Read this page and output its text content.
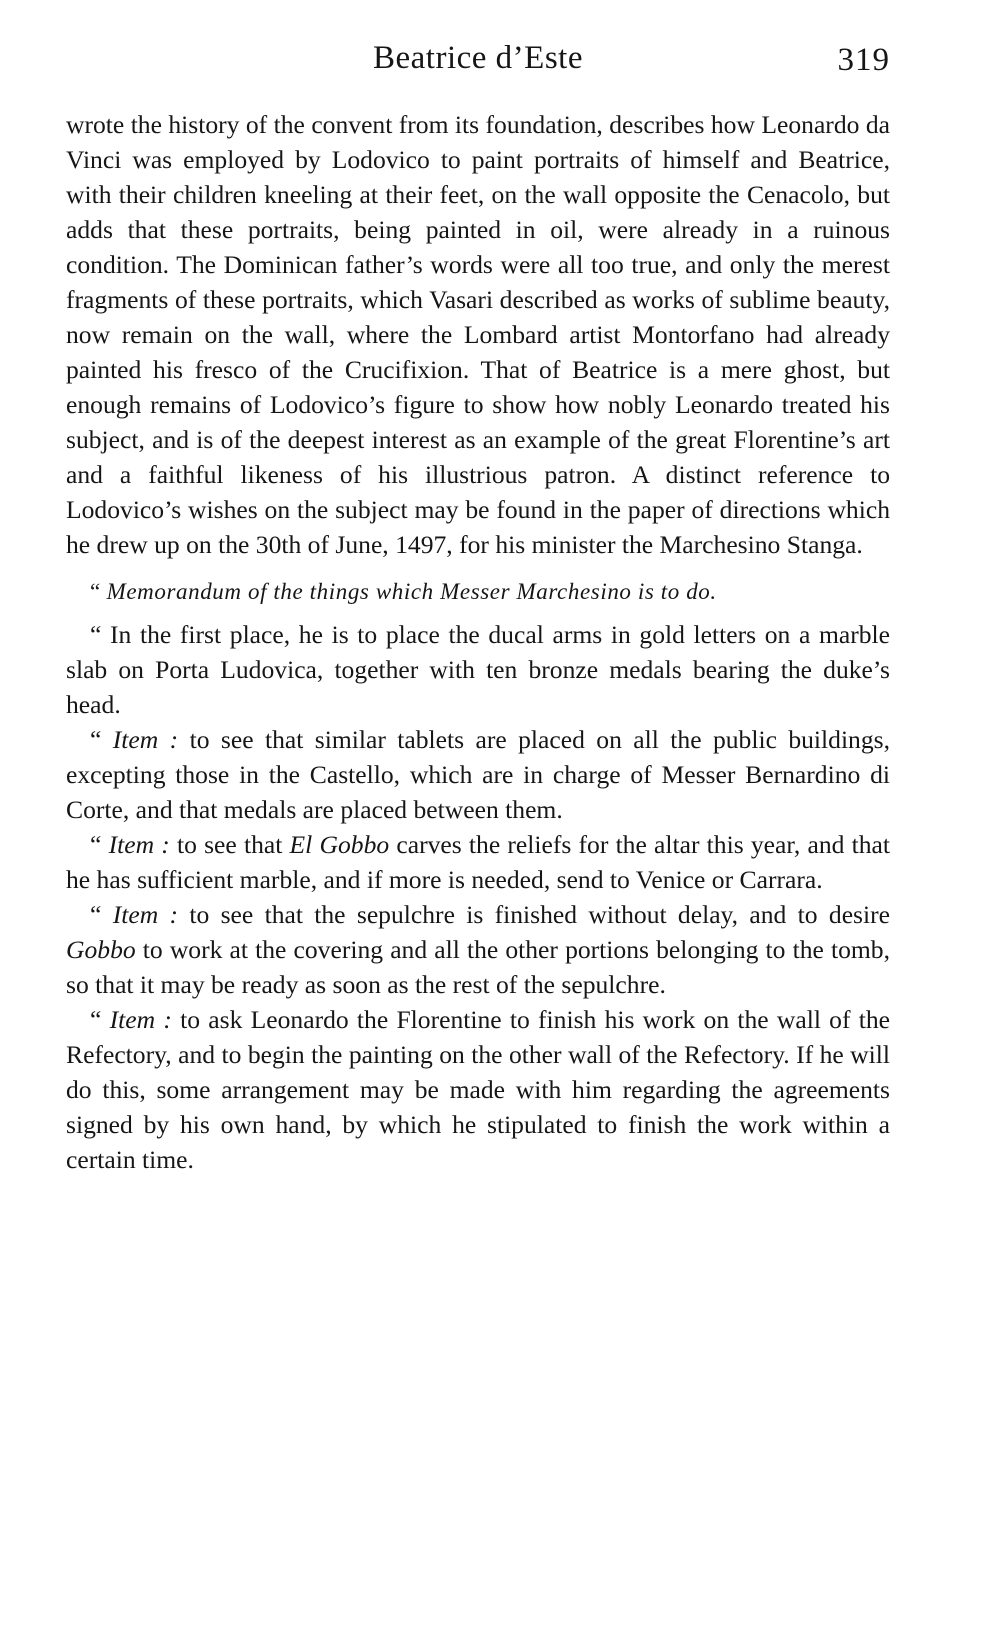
Beatrice d’Este	319

wrote the history of the convent from its foundation, describes how Leonardo da Vinci was employed by Lodovico to paint portraits of himself and Beatrice, with their children kneeling at their feet, on the wall opposite the Cenacolo, but adds that these portraits, being painted in oil, were already in a ruinous condition. The Dominican father’s words were all too true, and only the merest fragments of these portraits, which Vasari described as works of sublime beauty, now remain on the wall, where the Lombard artist Montorfano had already painted his fresco of the Crucifixion. That of Beatrice is a mere ghost, but enough remains of Lodovico’s figure to show how nobly Leonardo treated his subject, and is of the deepest interest as an example of the great Florentine’s art and a faithful likeness of his illustrious patron. A distinct reference to Lodovico’s wishes on the subject may be found in the paper of directions which he drew up on the 30th of June, 1497, for his minister the Marchesino Stanga.

“ Memorandum of the things which Messer Marchesino is to do.

“ In the first place, he is to place the ducal arms in gold letters on a marble slab on Porta Ludovica, together with ten bronze medals bearing the duke’s head.

“ Item : to see that similar tablets are placed on all the public buildings, excepting those in the Castello, which are in charge of Messer Bernardino di Corte, and that medals are placed between them.

“ Item : to see that El Gobbo carves the reliefs for the altar this year, and that he has sufficient marble, and if more is needed, send to Venice or Carrara.

“ Item : to see that the sepulchre is finished without delay, and to desire Gobbo to work at the covering and all the other portions belonging to the tomb, so that it may be ready as soon as the rest of the sepulchre.

“ Item : to ask Leonardo the Florentine to finish his work on the wall of the Refectory, and to begin the painting on the other wall of the Refectory. If he will do this, some arrangement may be made with him regarding the agreements signed by his own hand, by which he stipulated to finish the work within a certain time.
